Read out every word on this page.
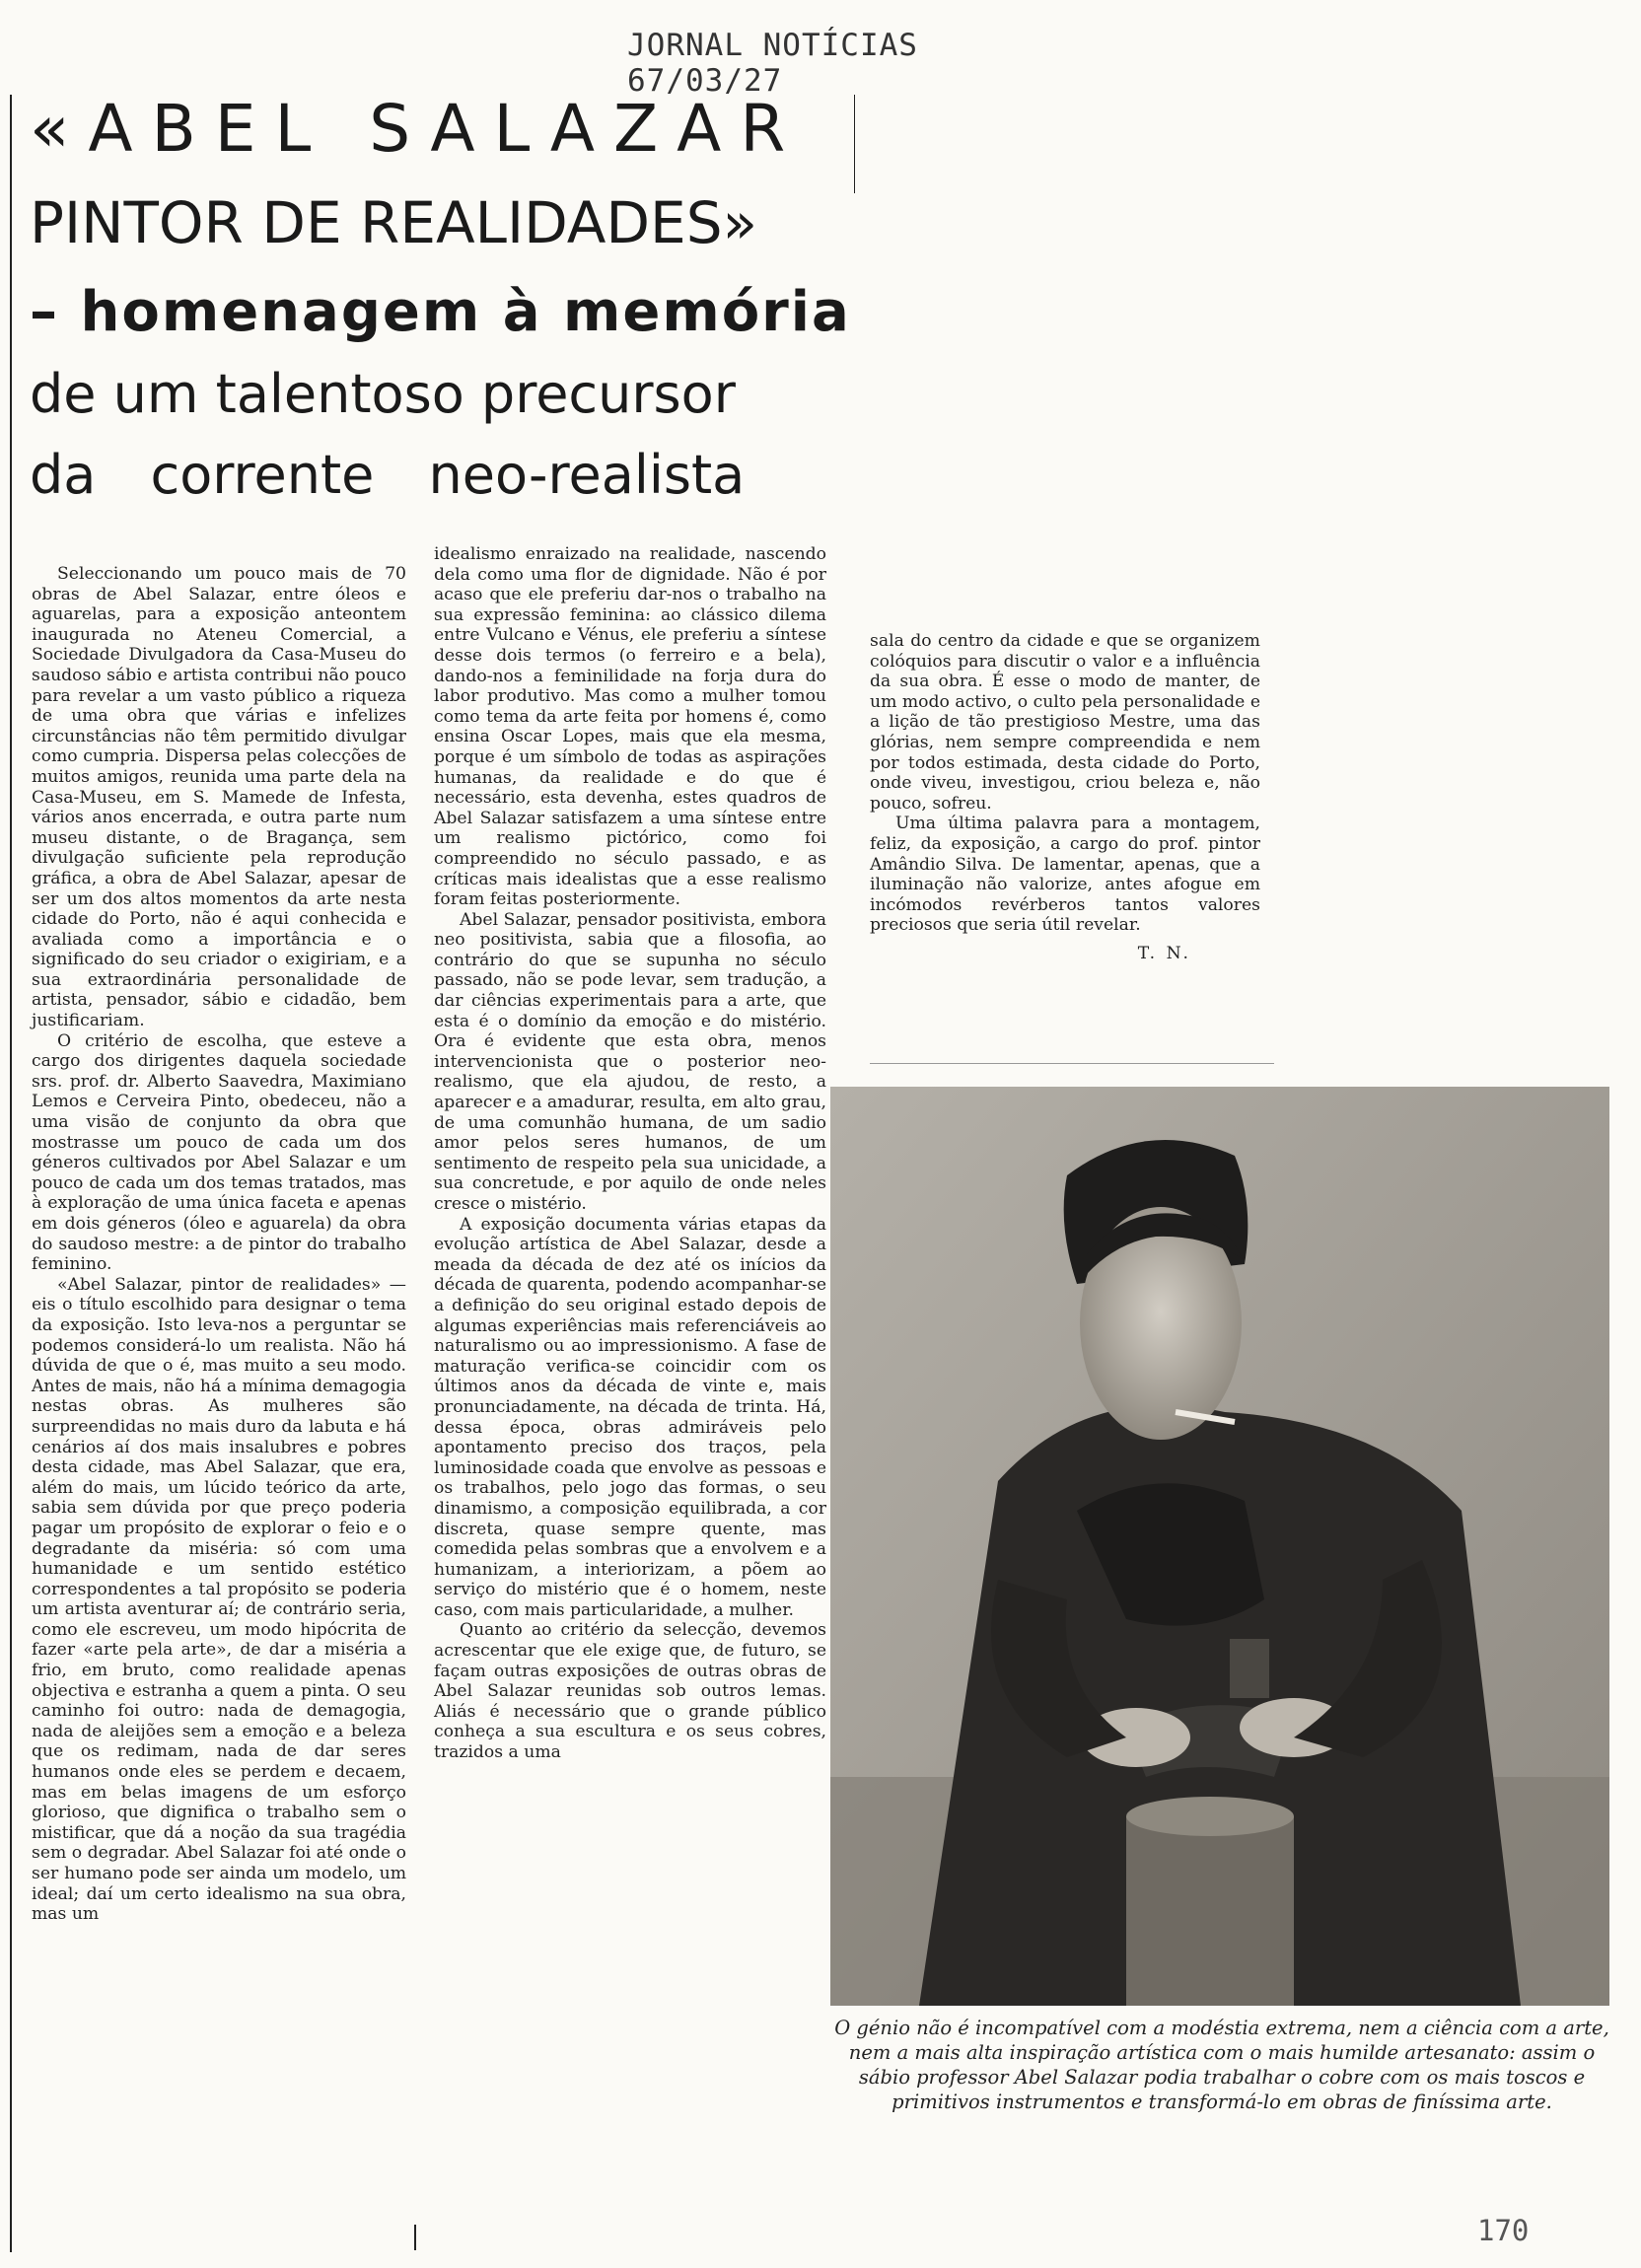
JORNAL NOTÍCIAS
67/03/27
«ABEL SALAZAR
PINTOR DE REALIDADES»
– homenagem à memória
de um talentoso precursor
da corrente neo-realista

Seleccionando um pouco mais de 70 obras de Abel Salazar, entre óleos e aguarelas, para a exposição anteontem inaugurada no Ateneu Comercial, a Sociedade Divulgadora da Casa-Museu do saudoso sábio e artista contribui não pouco para revelar a um vasto público a riqueza de uma obra que várias e infelizes circunstâncias não têm permitido divulgar como cumpria. Dispersa pelas colecções de muitos amigos, reunida uma parte dela na Casa-Museu, em S. Mamede de Infesta, vários anos encerrada, e outra parte num museu distante, o de Bragança, sem divulgação suficiente pela reprodução gráfica, a obra de Abel Salazar, apesar de ser um dos altos momentos da arte nesta cidade do Porto, não é aqui conhecida e avaliada como a importância e o significado do seu criador o exigiriam, e a sua extraordinária personalidade de artista, pensador, sábio e cidadão, bem justificariam.

O critério de escolha, que esteve a cargo dos dirigentes daquela sociedade srs. prof. dr. Alberto Saavedra, Maximiano Lemos e Cerveira Pinto, obedeceu, não a uma visão de conjunto da obra que mostrasse um pouco de cada um dos géneros cultivados por Abel Salazar e um pouco de cada um dos temas tratados, mas à exploração de uma única faceta e apenas em dois géneros (óleo e aguarela) da obra do saudoso mestre: a de pintor do trabalho feminino.

«Abel Salazar, pintor de realidades» — eis o título escolhido para designar o tema da exposição. Isto leva-nos a perguntar se podemos considerá-lo um realista. Não há dúvida de que o é, mas muito a seu modo. Antes de mais, não há a mínima demagogia nestas obras. As mulheres são surpreendidas no mais duro da labuta e há cenários aí dos mais insalubres e pobres desta cidade, mas Abel Salazar, que era, além do mais, um lúcido teórico da arte, sabia sem dúvida por que preço poderia pagar um propósito de explorar o feio e o degradante da miséria: só com uma humanidade e um sentido estético correspondentes a tal propósito se poderia um artista aventurar aí; de contrário seria, como ele escreveu, um modo hipócrita de fazer «arte pela arte», de dar a miséria a frio, em bruto, como realidade apenas objectiva e estranha a quem a pinta. O seu caminho foi outro: nada de demagogia, nada de aleijões sem a emoção e a beleza que os redimam, nada de dar seres humanos onde eles se perdem e decaem, mas em belas imagens de um esforço glorioso, que dignifica o trabalho sem o mistificar, que dá a noção da sua tragédia sem o degradar. Abel Salazar foi até onde o ser humano pode ser ainda um modelo, um ideal; daí um certo idealismo na sua obra, mas um

idealismo enraizado na realidade, nascendo dela como uma flor de dignidade. Não é por acaso que ele preferiu dar-nos o trabalho na sua expressão feminina: ao clássico dilema entre Vulcano e Vénus, ele preferiu a síntese desse dois termos (o ferreiro e a bela), dando-nos a feminilidade na forja dura do labor produtivo. Mas como a mulher tomou como tema da arte feita por homens é, como ensina Oscar Lopes, mais que ela mesma, porque é um símbolo de todas as aspirações humanas, da realidade e do que é necessário, esta devenha, estes quadros de Abel Salazar satisfazem a uma síntese entre um realismo pictórico, como foi compreendido no século passado, e as críticas mais idealistas que a esse realismo foram feitas posteriormente.

Abel Salazar, pensador positivista, embora neo positivista, sabia que a filosofia, ao contrário do que se supunha no século passado, não se pode levar, sem tradução, a dar ciências experimentais para a arte, que esta é o domínio da emoção e do mistério. Ora é evidente que esta obra, menos intervencionista que o posterior neo-realismo, que ela ajudou, de resto, a aparecer e a amadurar, resulta, em alto grau, de uma comunhão humana, de um sadio amor pelos seres humanos, de um sentimento de respeito pela sua unicidade, a sua concretude, e por aquilo de onde neles cresce o mistério.

A exposição documenta várias etapas da evolução artística de Abel Salazar, desde a meada da década de dez até os inícios da década de quarenta, podendo acompanhar-se a definição do seu original estado depois de algumas experiências mais referenciáveis ao naturalismo ou ao impressionismo. A fase de maturação verifica-se coincidir com os últimos anos da década de vinte e, mais pronunciadamente, na década de trinta. Há, dessa época, obras admiráveis pelo apontamento preciso dos traços, pela luminosidade coada que envolve as pessoas e os trabalhos, pelo jogo das formas, o seu dinamismo, a composição equilibrada, a cor discreta, quase sempre quente, mas comedida pelas sombras que a envolvem e a humanizam, a interiorizam, a põem ao serviço do mistério que é o homem, neste caso, com mais particularidade, a mulher.

Quanto ao critério da selecção, devemos acrescentar que ele exige que, de futuro, se façam outras exposições de outras obras de Abel Salazar reunidas sob outros lemas. Aliás é necessário que o grande público conheça a sua escultura e os seus cobres, trazidos a uma

sala do centro da cidade e que se organizem colóquios para discutir o valor e a influência da sua obra. É esse o modo de manter, de um modo activo, o culto pela personalidade e a lição de tão prestigioso Mestre, uma das glórias, nem sempre compreendida e nem por todos estimada, desta cidade do Porto, onde viveu, investigou, criou beleza e, não pouco, sofreu.

Uma última palavra para a montagem, feliz, da exposição, a cargo do prof. pintor Amândio Silva. De lamentar, apenas, que a iluminação não valorize, antes afogue em incómodos revérberos tantos valores preciosos que seria útil revelar.

T. N.
O génio não é incompatível com a modéstia extrema, nem a ciência com a arte, nem a mais alta inspiração artística com o mais humilde artesanato: assim o sábio professor Abel Salazar podia trabalhar o cobre com os mais toscos e primitivos instrumentos e transformá-lo em obras de finíssima arte.
170
